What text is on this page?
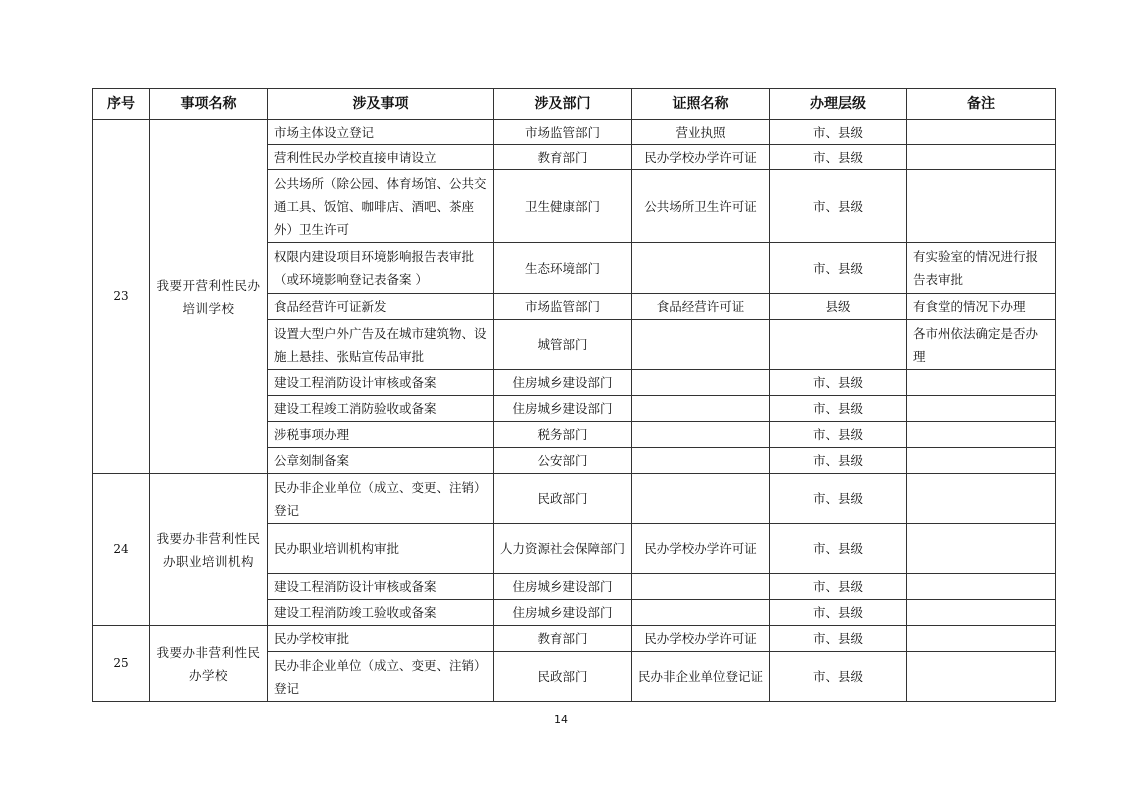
序号	事项名称	涉及事项	涉及部门	证照名称	办理层级	备注
23	我要开营利性民办培训学校	市场主体设立登记	市场监管部门	营业执照	市、县级	
		营利性民办学校直接申请设立	教育部门	民办学校办学许可证	市、县级	
		公共场所（除公园、体育场馆、公共交通工具、饭馆、咖啡店、酒吧、茶座外）卫生许可	卫生健康部门	公共场所卫生许可证	市、县级	
		权限内建设项目环境影响报告表审批（或环境影响登记表备案 ）	生态环境部门		市、县级	有实验室的情况进行报告表审批
		食品经营许可证新发	市场监管部门	食品经营许可证	县级	有食堂的情况下办理
		设置大型户外广告及在城市建筑物、设施上悬挂、张贴宣传品审批	城管部门			各市州依法确定是否办理
		建设工程消防设计审核或备案	住房城乡建设部门		市、县级	
		建设工程竣工消防验收或备案	住房城乡建设部门		市、县级	
		涉税事项办理	税务部门		市、县级	
		公章刻制备案	公安部门		市、县级	
24	我要办非营利性民办职业培训机构	民办非企业单位（成立、变更、注销）登记	民政部门		市、县级	
		民办职业培训机构审批	人力资源社会保障部门	民办学校办学许可证	市、县级	
		建设工程消防设计审核或备案	住房城乡建设部门		市、县级	
		建设工程消防竣工验收或备案	住房城乡建设部门		市、县级	
25	我要办非营利性民办学校	民办学校审批	教育部门	民办学校办学许可证	市、县级	
		民办非企业单位（成立、变更、注销）登记	民政部门	民办非企业单位登记证	市、县级	
14
